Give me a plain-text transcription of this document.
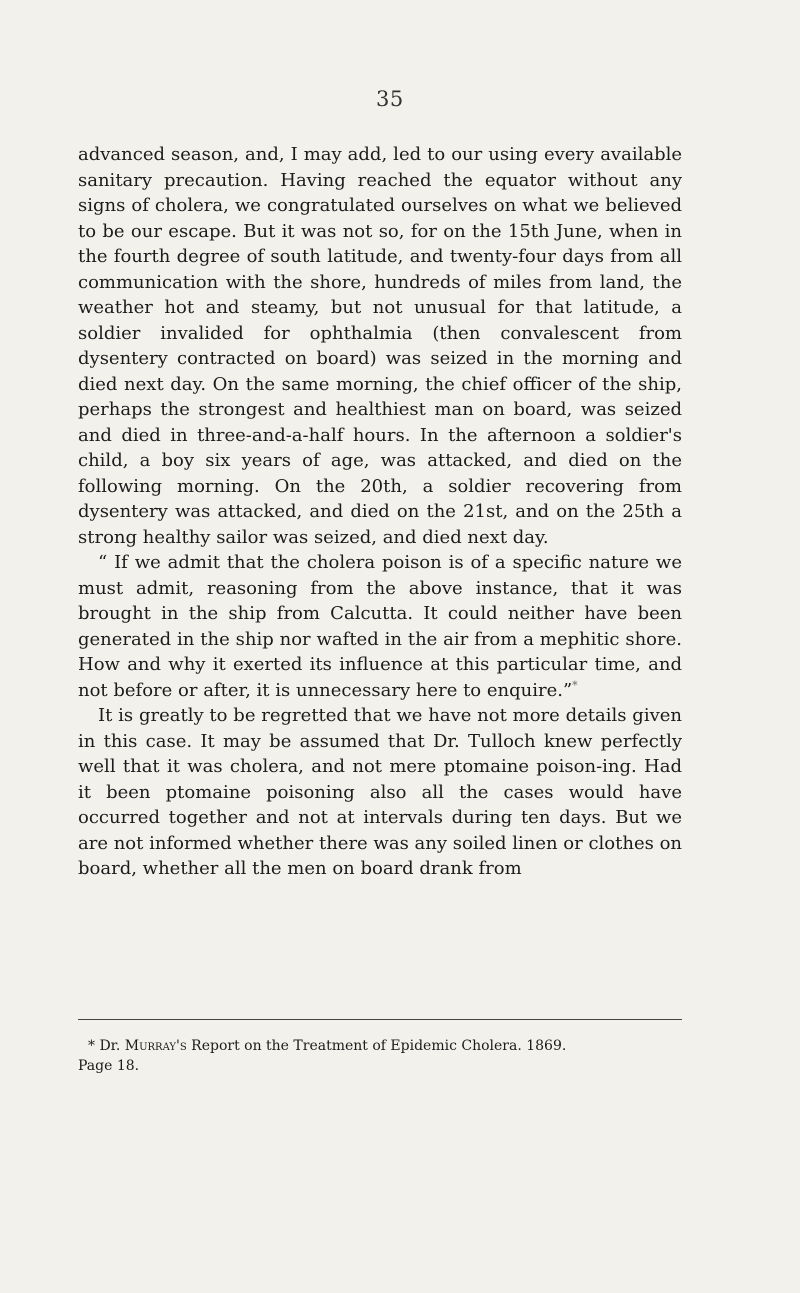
35

advanced season, and, I may add, led to our using every available sanitary precaution. Having reached the equator without any signs of cholera, we congratulated ourselves on what we believed to be our escape. But it was not so, for on the 15th June, when in the fourth degree of south latitude, and twenty-four days from all communication with the shore, hundreds of miles from land, the weather hot and steamy, but not unusual for that latitude, a soldier invalided for ophthalmia (then convalescent from dysentery contracted on board) was seized in the morning and died next day. On the same morning, the chief officer of the ship, perhaps the strongest and healthiest man on board, was seized and died in three-and-a-half hours. In the afternoon a soldier's child, a boy six years of age, was attacked, and died on the following morning. On the 20th, a soldier recovering from dysentery was attacked, and died on the 21st, and on the 25th a strong healthy sailor was seized, and died next day.

“ If we admit that the cholera poison is of a specific nature we must admit, reasoning from the above instance, that it was brought in the ship from Calcutta. It could neither have been generated in the ship nor wafted in the air from a mephitic shore. How and why it exerted its influence at this particular time, and not before or after, it is unnecessary here to enquire.”*

It is greatly to be regretted that we have not more details given in this case. It may be assumed that Dr. Tulloch knew perfectly well that it was cholera, and not mere ptomaine poison-ing. Had it been ptomaine poisoning also all the cases would have occurred together and not at intervals during ten days. But we are not informed whether there was any soiled linen or clothes on board, whether all the men on board drank from

* Dr. Murray's Report on the Treatment of Epidemic Cholera. 1869.
Page 18.
